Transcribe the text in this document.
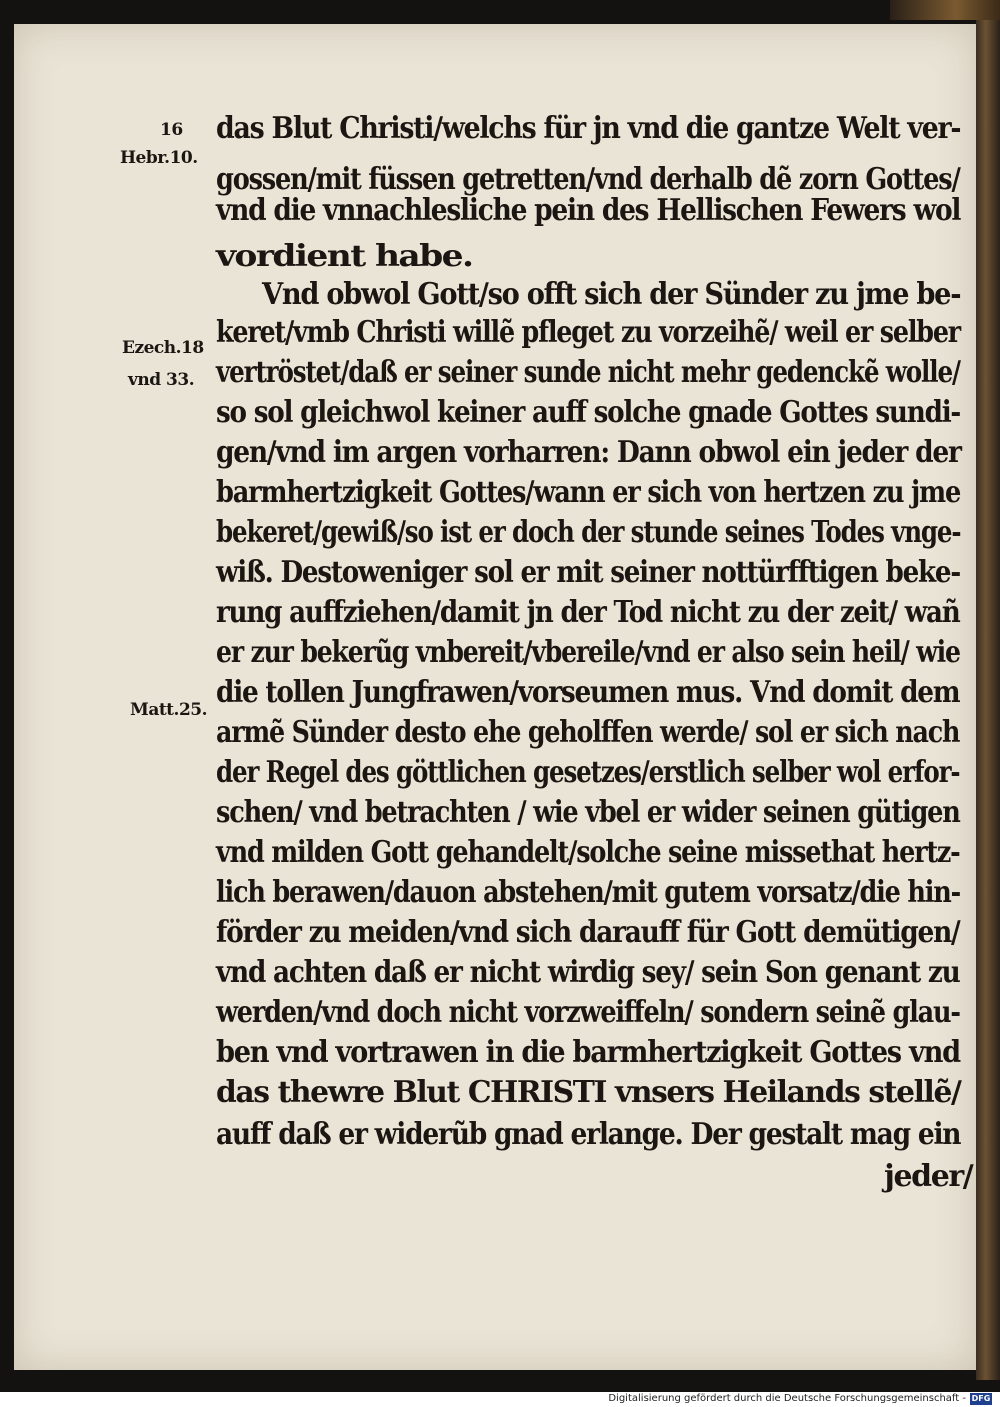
das Blut Christi/welchs für jn vnd die gantze Welt ver-
gossen/mit füssen getretten/vnd derhalb dẽ zorn Gottes/
vnd die vnnachlesliche pein des Hellischen Fewers wol
vordient habe.
Vnd obwol Gott/so offt sich der Sünder zu jme be-
keret/vmb Christi willẽ pfleget zu vorzeihẽ/ weil er selber
vertröstet/daß er seiner sunde nicht mehr gedenckẽ wolle/
so sol gleichwol keiner auff solche gnade Gottes sundi-
gen/vnd im argen vorharren: Dann obwol ein jeder der
barmhertzigkeit Gottes/wann er sich von hertzen zu jme
bekeret/gewiß/so ist er doch der stunde seines Todes vnge-
wiß. Destoweniger sol er mit seiner nottürfftigen beke-
rung auffziehen/damit jn der Tod nicht zu der zeit/ wañ
er zur bekerũg vnbereit/vbereile/vnd er also sein heil/ wie
die tollen Jungfrawen/vorseumen mus. Vnd domit dem
armẽ Sünder desto ehe geholffen werde/ sol er sich nach
der Regel des göttlichen gesetzes/erstlich selber wol erfor-
schen/ vnd betrachten / wie vbel er wider seinen gütigen
vnd milden Gott gehandelt/solche seine missethat hertz-
lich berawen/dauon abstehen/mit gutem vorsatz/die hin-
förder zu meiden/vnd sich darauff für Gott demütigen/
vnd achten daß er nicht wirdig sey/ sein Son genant zu
werden/vnd doch nicht vorzweiffeln/ sondern seinẽ glau-
ben vnd vortrawen in die barmhertzigkeit Gottes vnd
das thewre Blut CHRISTI vnsers Heilands stellẽ/
auff daß er widerũb gnad erlange. Der gestalt mag ein
jeder/
16
Hebr.10.
Ezech.18
vnd 33.
Matt.25.
Digitalisierung gefördert durch die Deutsche Forschungsgemeinschaft - DFG
